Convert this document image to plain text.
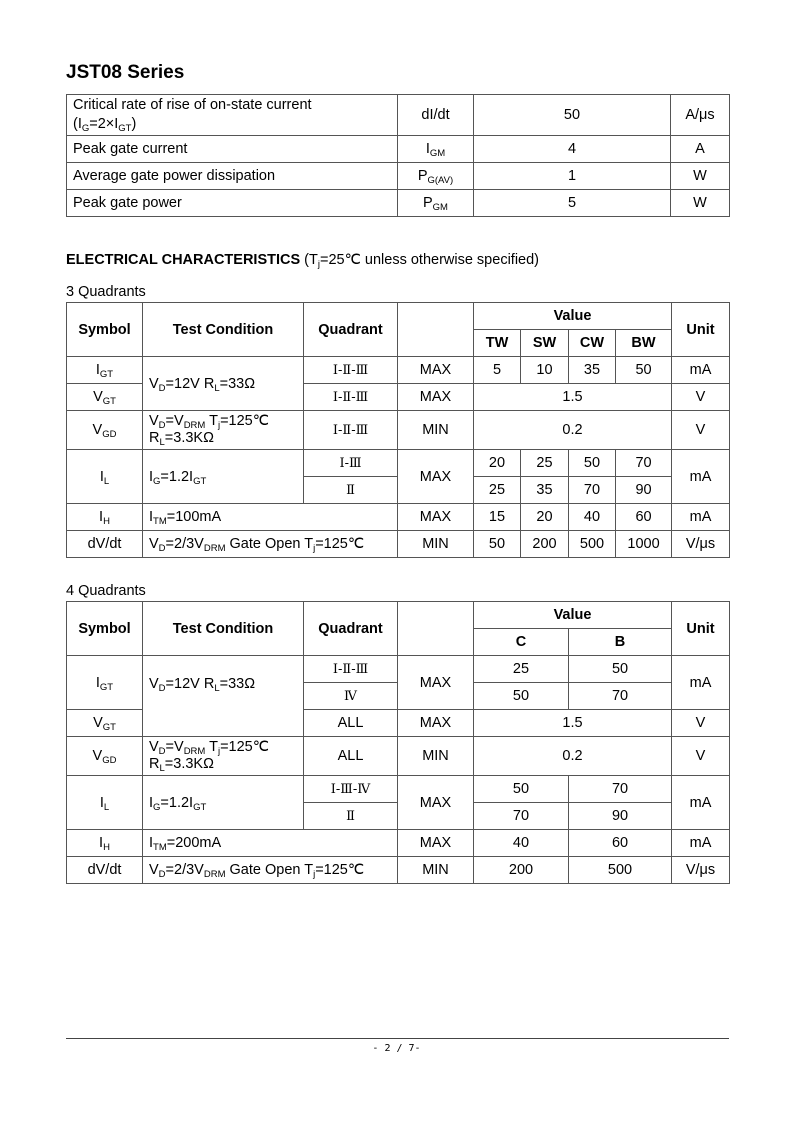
JST08 Series
Critical rate of rise of on-state current
$(I_G=2\times I_{GT})$	dI/dt	50	A/μs
Peak gate current	$I_{GM}$	4	A
Average gate power dissipation	$P_{G(AV)}$	1	W
Peak gate power	$P_{GM}$	5	W
ELECTRICAL CHARACTERISTICS ($T_j=25℃$ unless otherwise specified)
3 Quadrants
Symbol	Test Condition	Quadrant		Value				Unit
				TW	SW	CW	BW	
$I_{GT}$	$V_D=12V$ $R_L=33\Omega$	Ⅰ-Ⅱ-Ⅲ	MAX	5	10	35	50	mA
$V_{GT}$		Ⅰ-Ⅱ-Ⅲ	MAX	1.5				V
$V_{GD}$	$V_D=V_{DRM}$ $T_j=125℃$
$R_L=3.3K\Omega$	Ⅰ-Ⅱ-Ⅲ	MIN	0.2				V
$I_L$	$I_G=1.2I_{GT}$	Ⅰ-Ⅲ	MAX	20	25	50	70	mA
		Ⅱ		25	35	70	90	
$I_H$	$I_{TM}=100mA$		MAX	15	20	40	60	mA
dV/dt	$V_D=2/3V_{DRM}$ Gate Open $T_j=125℃$		MIN	50	200	500	1000	V/μs
4 Quadrants
Symbol	Test Condition	Quadrant		Value		Unit
				C	B	
$I_{GT}$	$V_D=12V$ $R_L=33\Omega$	Ⅰ-Ⅱ-Ⅲ	MAX	25	50	mA
		Ⅳ		50	70	
$V_{GT}$		ALL	MAX	1.5		V
$V_{GD}$	$V_D=V_{DRM}$ $T_j=125℃$
$R_L=3.3K\Omega$	ALL	MIN	0.2		V
$I_L$	$I_G=1.2I_{GT}$	Ⅰ-Ⅲ-Ⅳ	MAX	50	70	mA
		Ⅱ		70	90	
$I_H$	$I_{TM}=200mA$		MAX	40	60	mA
dV/dt	$V_D=2/3V_{DRM}$ Gate Open $T_j=125℃$		MIN	200	500	V/μs
- 2 / 7-
